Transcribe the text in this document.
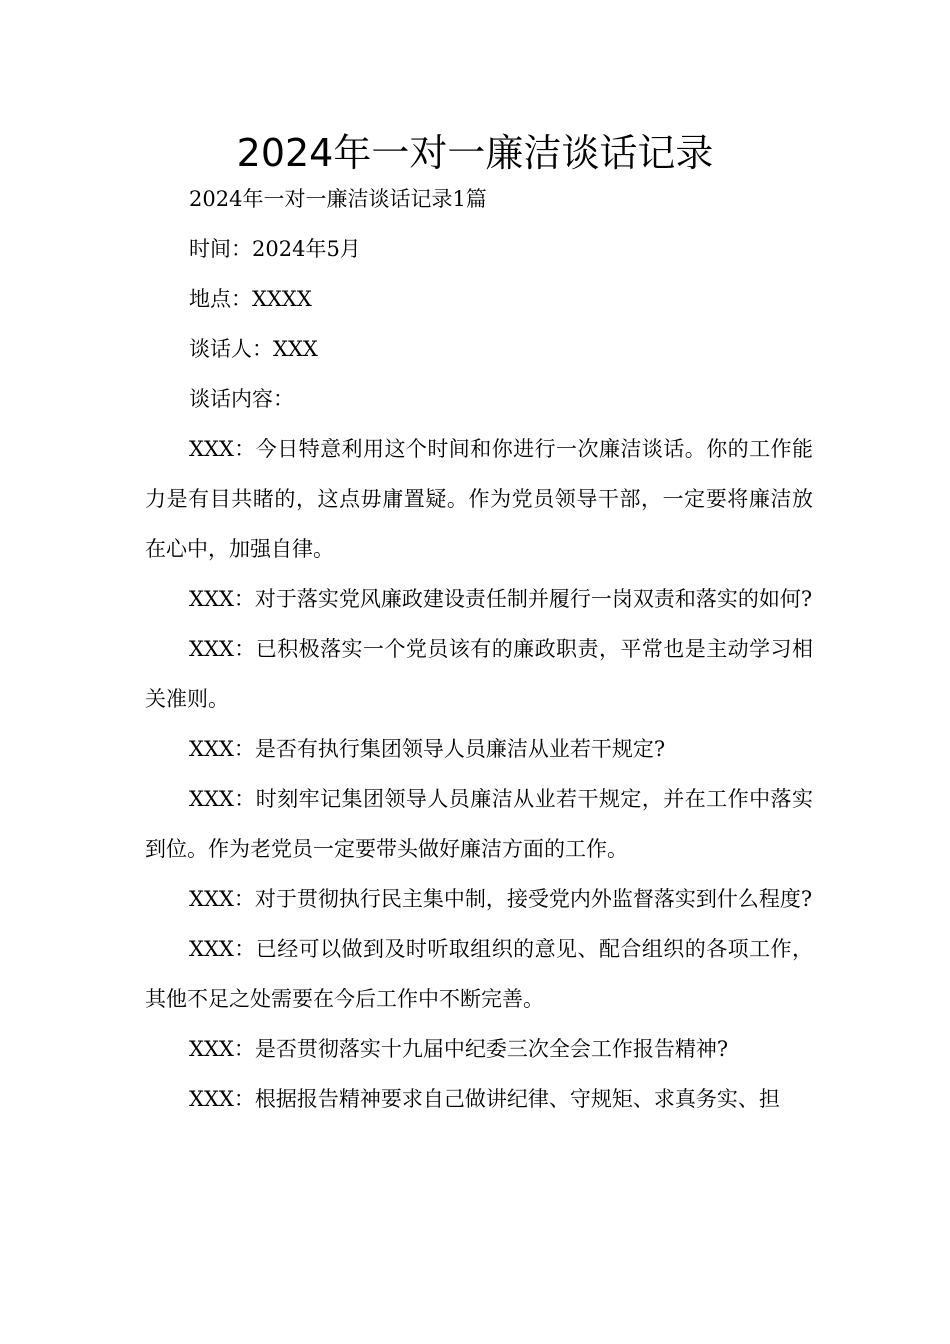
2024年一对一廉洁谈话记录

2024年一对一廉洁谈话记录1篇

时间：2024年5月

地点：XXXX

谈话人：XXX

谈话内容：

XXX：今日特意利用这个时间和你进行一次廉洁谈话。你的工作能力是有目共睹的，这点毋庸置疑。作为党员领导干部，一定要将廉洁放在心中，加强自律。

XXX：对于落实党风廉政建设责任制并履行一岗双责和落实的如何?

XXX：已积极落实一个党员该有的廉政职责，平常也是主动学习相关准则。

XXX：是否有执行集团领导人员廉洁从业若干规定?

XXX：时刻牢记集团领导人员廉洁从业若干规定，并在工作中落实到位。作为老党员一定要带头做好廉洁方面的工作。

XXX：对于贯彻执行民主集中制，接受党内外监督落实到什么程度?

XXX：已经可以做到及时听取组织的意见、配合组织的各项工作，其他不足之处需要在今后工作中不断完善。

XXX：是否贯彻落实十九届中纪委三次全会工作报告精神?

XXX：根据报告精神要求自己做讲纪律、守规矩、求真务实、担
